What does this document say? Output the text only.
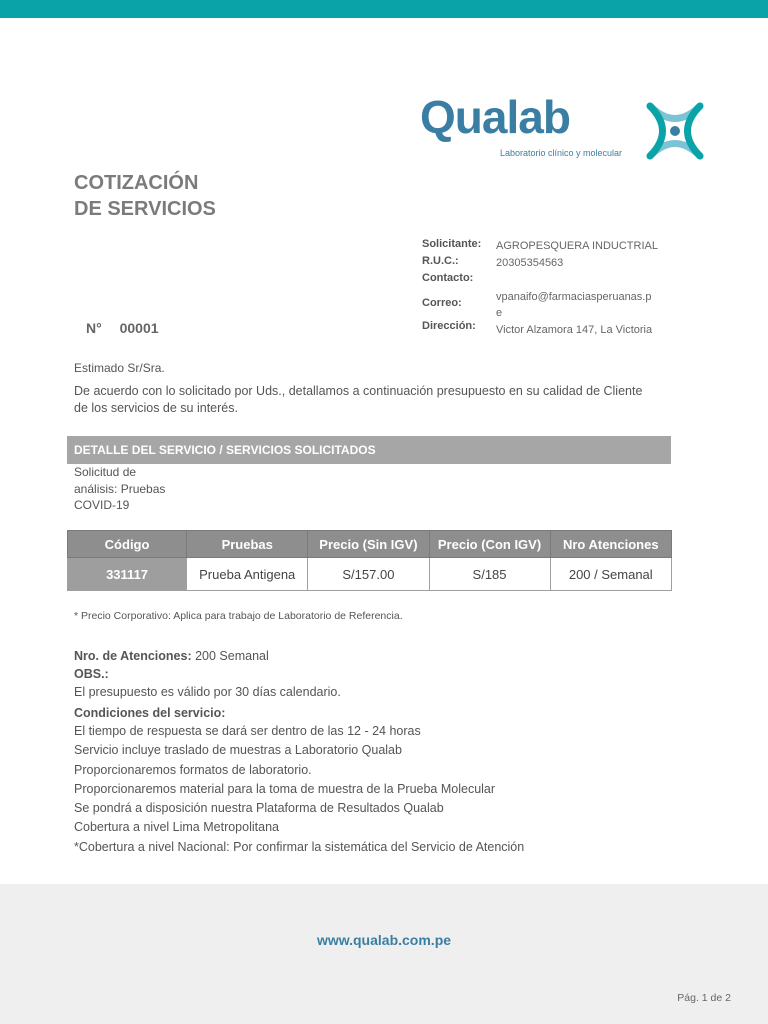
Qualab
Laboratorio clínico y molecular
COTIZACIÓN
DE SERVICIOS
N° 00001
Solicitante:	AGROPESQUERA INDUCTRIAL
R.U.C.:	20305354563
Contacto:
Correo:	vpanaifo@farmaciasperuanas.p
e
Dirección:	Victor Alzamora 147, La Victoria
Estimado Sr/Sra.
De acuerdo con lo solicitado por Uds., detallamos a continuación presupuesto en su calidad de Cliente
de los servicios de su interés.
DETALLE DEL SERVICIO / SERVICIOS SOLICITADOS
Solicitud de
análisis: Pruebas
COVID-19
Código	Pruebas	Precio (Sin IGV)	Precio (Con IGV)	Nro Atenciones
331117	Prueba Antigena	S/157.00	S/185	200 / Semanal
* Precio Corporativo: Aplica para trabajo de Laboratorio de Referencia.
Nro. de Atenciones: 200 Semanal
OBS.:
El presupuesto es válido por 30 días calendario.
Condiciones del servicio:
El tiempo de respuesta se dará ser dentro de las 12 - 24 horas
Servicio incluye traslado de muestras a Laboratorio Qualab
Proporcionaremos formatos de laboratorio.
Proporcionaremos material para la toma de muestra de la Prueba Molecular
Se pondrá a disposición nuestra Plataforma de Resultados Qualab
Cobertura a nivel Lima Metropolitana
*Cobertura a nivel Nacional: Por confirmar la sistemática del Servicio de Atención
www.qualab.com.pe
Pág. 1 de 2
